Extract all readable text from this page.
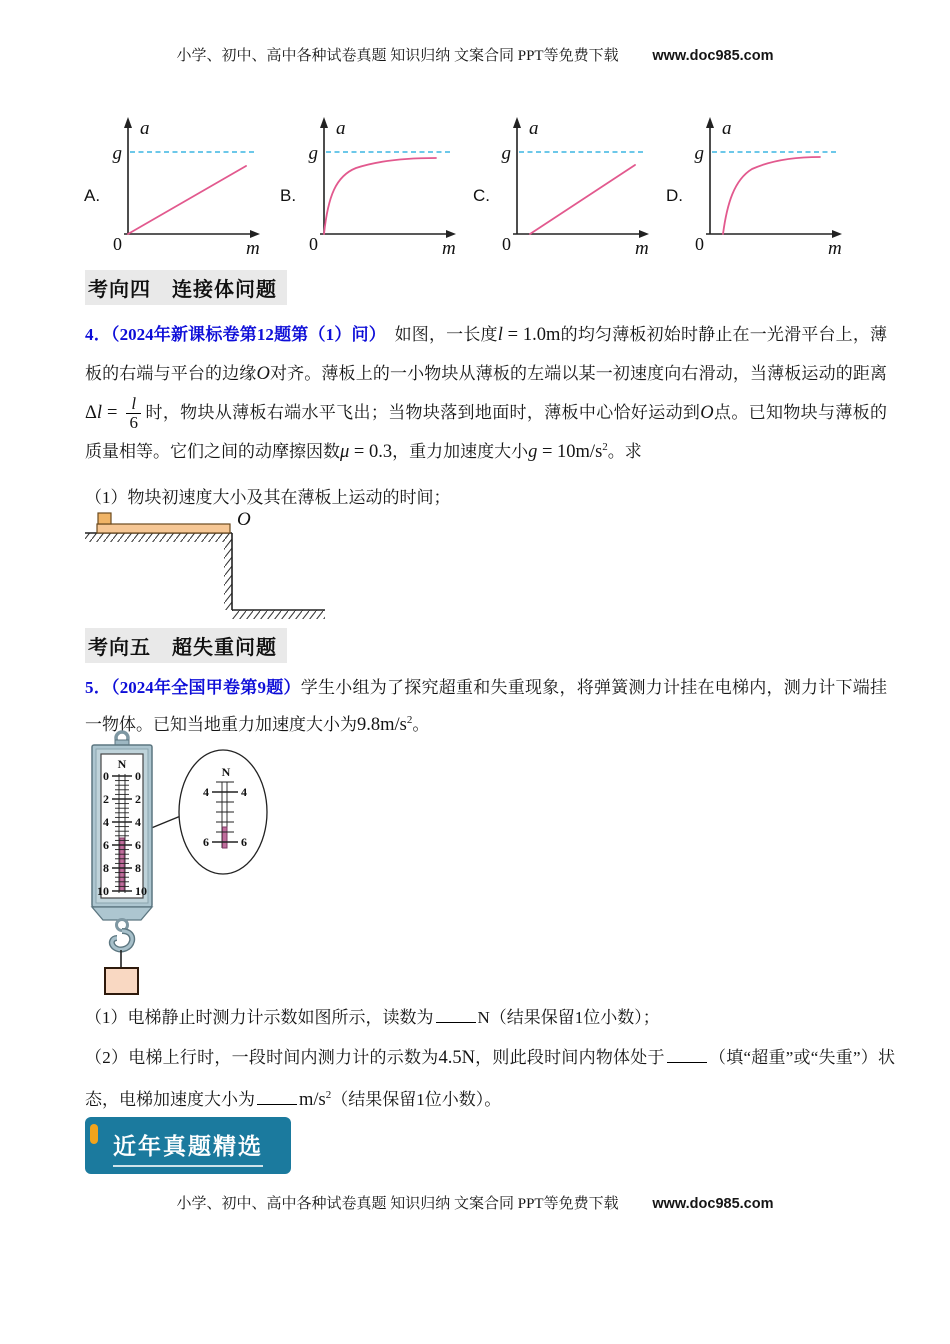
小学、初中、高中各种试卷真题 知识归纳 文案合同 PPT等免费下载 www.doc985.com
A.	B.	C.	D.
a
g
0	m
a
g
0	m
a
g
0	m
a
g
0	m
考向四　连接体问题

4．（2024年新课标卷第12题第（1）问）　如图，一长度l = 1.0m的均匀薄板初始时静止在一光滑平台上，薄板的右端与平台的边缘O对齐。薄板上的一小物块从薄板的左端以某一初速度向右滑动，当薄板运动的距离$\Delta l = \frac{l}{6}$ 时，物块从薄板右端水平飞出；当物块落到地面时，薄板中心恰好运动到O点。已知物块与薄板的质量相等。它们之间的动摩擦因数μ = 0.3，重力加速度大小$g = 10m/s^2$。求

（1）物块初速度大小及其在薄板上运动的时间；

O
考向五　超失重问题

5．（2024年全国甲卷第9题）学生小组为了探究超重和失重现象，将弹簧测力计挂在电梯内，测力计下端挂一物体。已知当地重力加速度大小为$9.8m/s^2$。

N
0
2
4
6
8
10
0
2
4
6
8
10
N
4
6
4
6

（1）电梯静止时测力计示数如图所示，读数为	N（结果保留1位小数）；

（2）电梯上行时，一段时间内测力计的示数为4.5N，则此段时间内物体处于	（填“超重”或“失重”）状态，电梯加速度大小为 $m/s^2$（结果保留1位小数）。

近年真题精选
小学、初中、高中各种试卷真题 知识归纳 文案合同 PPT等免费下载 www.doc985.com
